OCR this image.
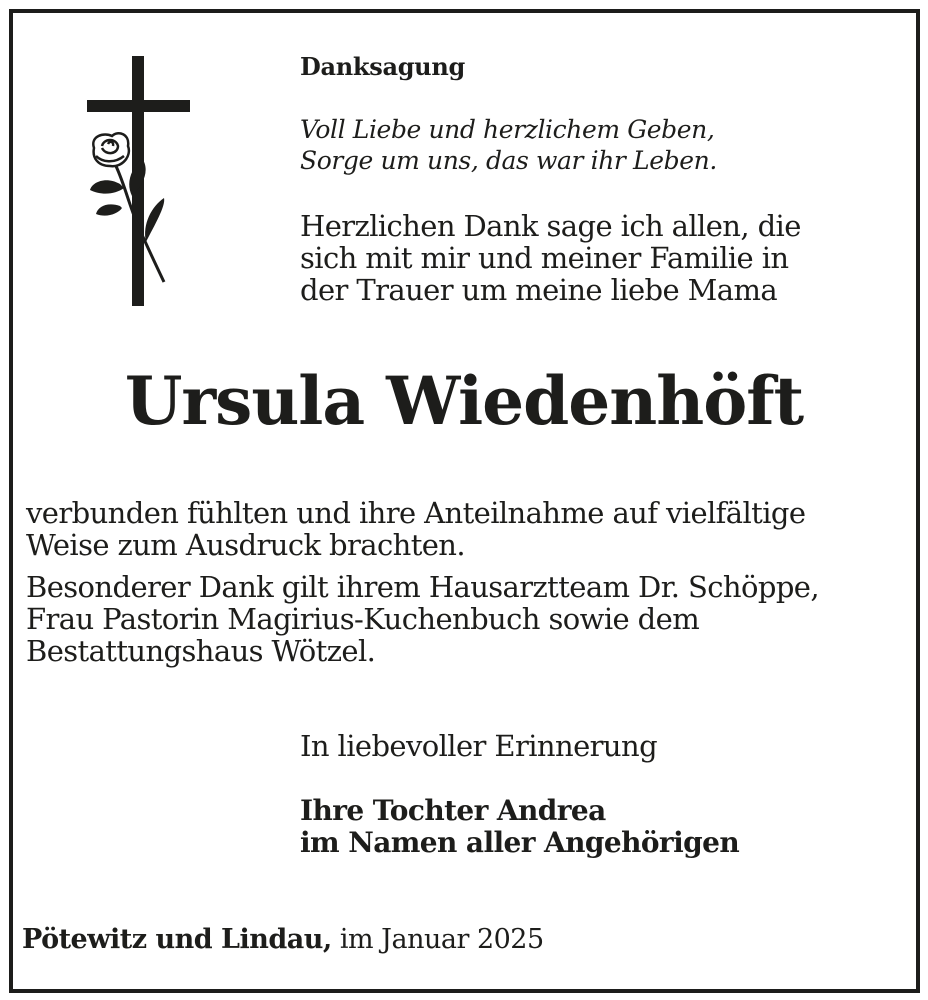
Danksagung
Voll Liebe und herzlichem Geben,
Sorge um uns, das war ihr Leben.
Herzlichen Dank sage ich allen, die
sich mit mir und meiner Familie in
der Trauer um meine liebe Mama
Ursula Wiedenhöft
verbunden fühlten und ihre Anteilnahme auf vielfältige
Weise zum Ausdruck brachten.
Besonderer Dank gilt ihrem Hausarztteam Dr. Schöppe,
Frau Pastorin Magirius-Kuchenbuch sowie dem
Bestattungshaus Wötzel.
In liebevoller Erinnerung
Ihre Tochter Andrea
im Namen aller Angehörigen
Pötewitz und Lindau, im Januar 2025
